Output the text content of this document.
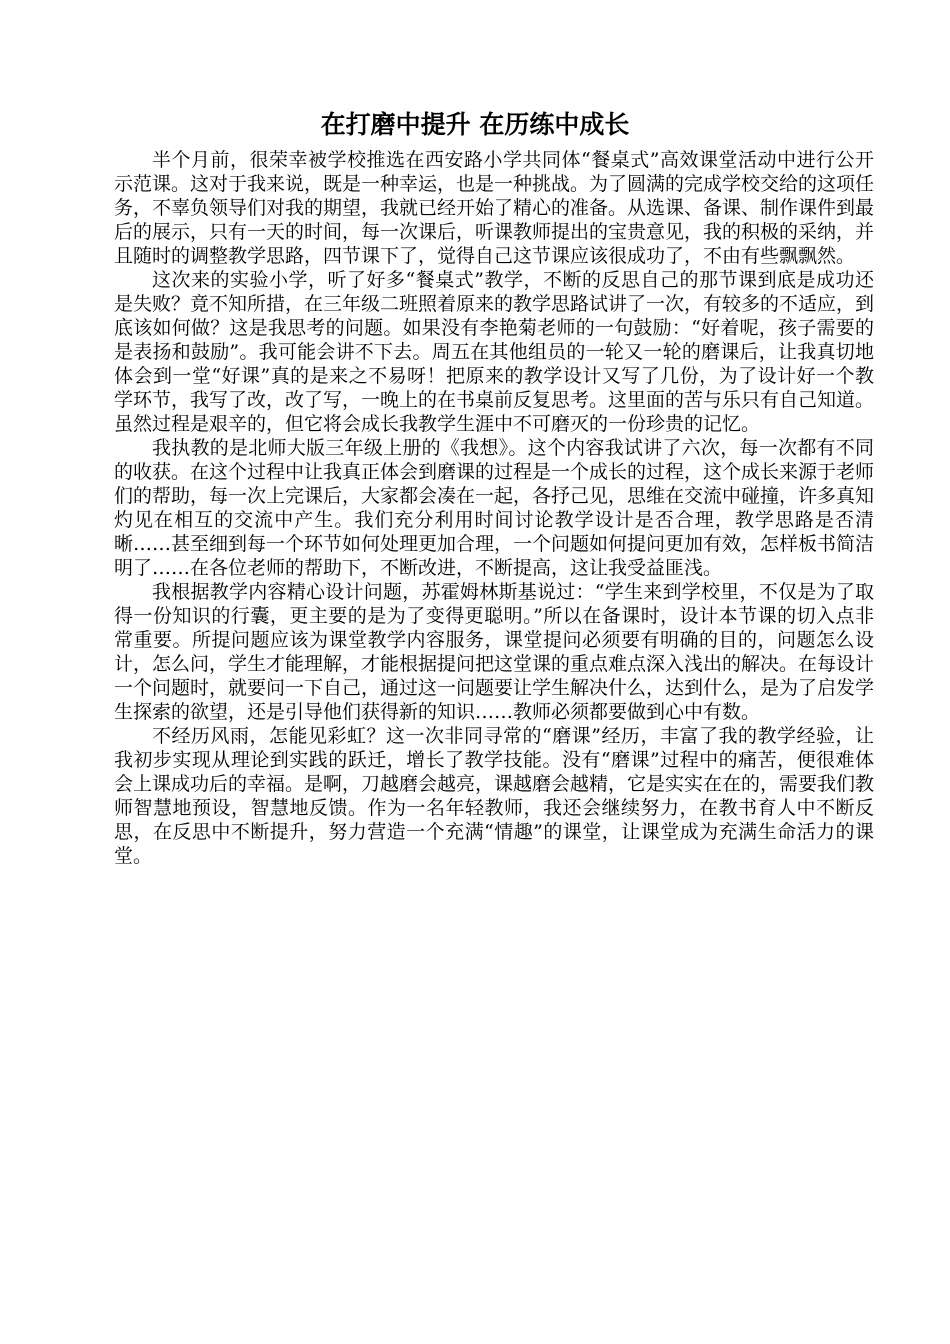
在打磨中提升 在历练中成长

半个月前，很荣幸被学校推选在西安路小学共同体“餐桌式”高效课堂活动中进行公开示范课。这对于我来说，既是一种幸运，也是一种挑战。为了圆满的完成学校交给的这项任务，不辜负领导们对我的期望，我就已经开始了精心的准备。从选课、备课、制作课件到最后的展示，只有一天的时间，每一次课后，听课教师提出的宝贵意见，我的积极的采纳，并且随时的调整教学思路，四节课下了，觉得自己这节课应该很成功了，不由有些飘飘然。

这次来的实验小学，听了好多“餐桌式”教学，不断的反思自己的那节课到底是成功还是失败？竟不知所措，在三年级二班照着原来的教学思路试讲了一次，有较多的不适应，到底该如何做？这是我思考的问题。如果没有李艳菊老师的一句鼓励：“好着呢，孩子需要的是表扬和鼓励”。我可能会讲不下去。周五在其他组员的一轮又一轮的磨课后，让我真切地体会到一堂“好课”真的是来之不易呀！把原来的教学设计又写了几份，为了设计好一个教学环节，我写了改，改了写，一晚上的在书桌前反复思考。这里面的苦与乐只有自己知道。虽然过程是艰辛的，但它将会成长我教学生涯中不可磨灭的一份珍贵的记忆。

我执教的是北师大版三年级上册的《我想》。这个内容我试讲了六次，每一次都有不同的收获。在这个过程中让我真正体会到磨课的过程是一个成长的过程，这个成长来源于老师们的帮助，每一次上完课后，大家都会凑在一起，各抒己见，思维在交流中碰撞，许多真知灼见在相互的交流中产生。我们充分利用时间讨论教学设计是否合理，教学思路是否清晰……甚至细到每一个环节如何处理更加合理，一个问题如何提问更加有效，怎样板书简洁明了……在各位老师的帮助下，不断改进，不断提高，这让我受益匪浅。

我根据教学内容精心设计问题，苏霍姆林斯基说过：“学生来到学校里，不仅是为了取得一份知识的行囊，更主要的是为了变得更聪明。”所以在备课时，设计本节课的切入点非常重要。所提问题应该为课堂教学内容服务，课堂提问必须要有明确的目的，问题怎么设计，怎么问，学生才能理解，才能根据提问把这堂课的重点难点深入浅出的解决。在每设计一个问题时，就要问一下自己，通过这一问题要让学生解决什么，达到什么，是为了启发学生探索的欲望，还是引导他们获得新的知识……教师必须都要做到心中有数。

不经历风雨，怎能见彩虹？这一次非同寻常的“磨课”经历，丰富了我的教学经验，让我初步实现从理论到实践的跃迁，增长了教学技能。没有“磨课”过程中的痛苦，便很难体会上课成功后的幸福。是啊，刀越磨会越亮，课越磨会越精，它是实实在在的，需要我们教师智慧地预设，智慧地反馈。作为一名年轻教师，我还会继续努力，在教书育人中不断反思，在反思中不断提升，努力营造一个充满“情趣”的课堂，让课堂成为充满生命活力的课堂。
